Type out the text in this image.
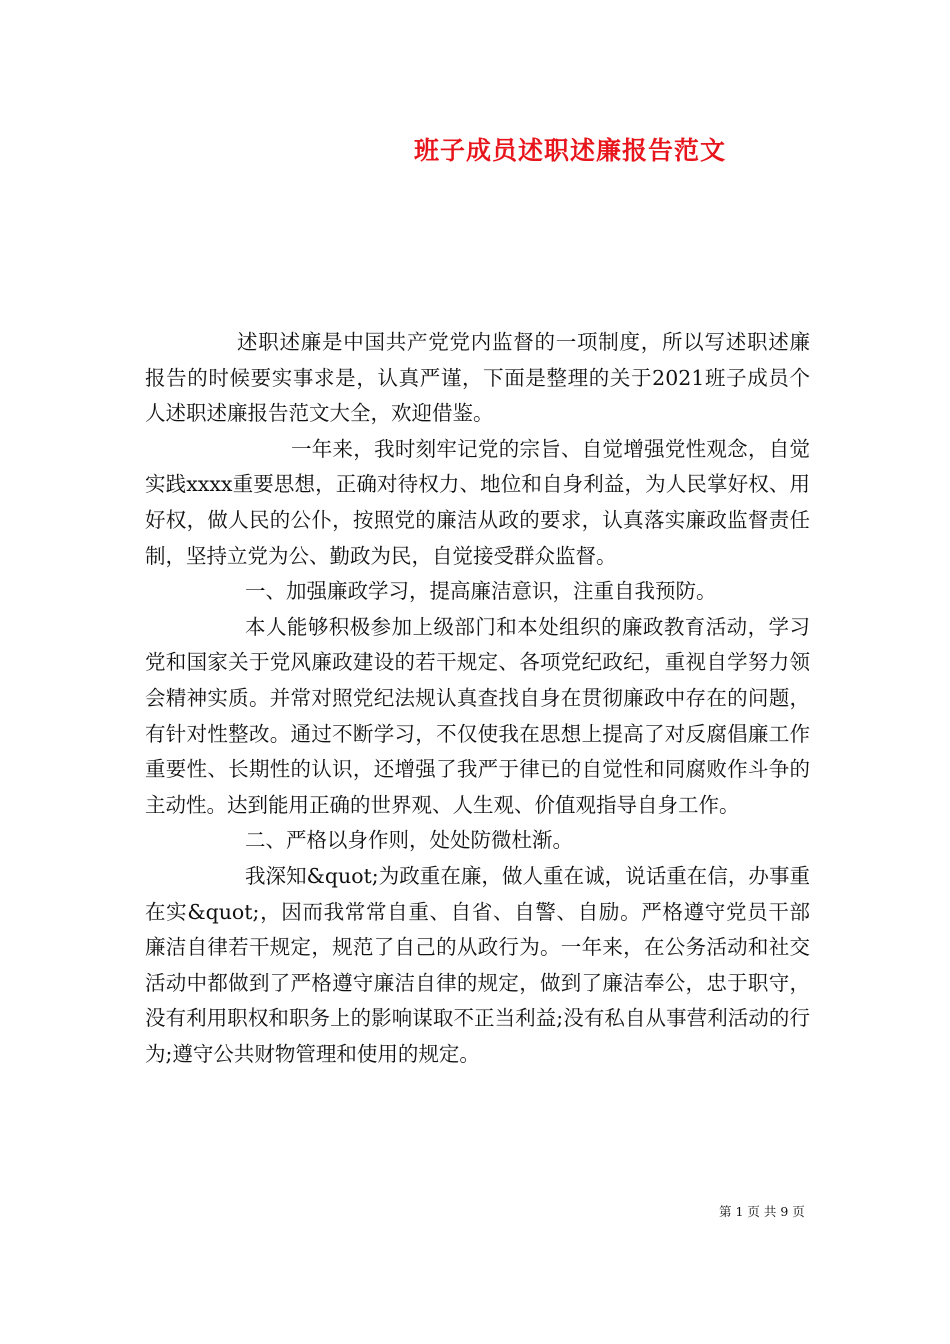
班子成员述职述廉报告范文

述职述廉是中国共产党党内监督的一项制度，所以写述职述廉报告的时候要实事求是，认真严谨，下面是整理的关于2021班子成员个人述职述廉报告范文大全，欢迎借鉴。

一年来，我时刻牢记党的宗旨、自觉增强党性观念，自觉实践xxxx重要思想，正确对待权力、地位和自身利益，为人民掌好权、用好权，做人民的公仆，按照党的廉洁从政的要求，认真落实廉政监督责任制，坚持立党为公、勤政为民，自觉接受群众监督。

一、加强廉政学习，提高廉洁意识，注重自我预防。

本人能够积极参加上级部门和本处组织的廉政教育活动，学习党和国家关于党风廉政建设的若干规定、各项党纪政纪，重视自学努力领会精神实质。并常对照党纪法规认真查找自身在贯彻廉政中存在的问题，有针对性整改。通过不断学习，不仅使我在思想上提高了对反腐倡廉工作重要性、长期性的认识，还增强了我严于律已的自觉性和同腐败作斗争的主动性。达到能用正确的世界观、人生观、价值观指导自身工作。

二、严格以身作则，处处防微杜渐。

我深知&quot;为政重在廉，做人重在诚，说话重在信，办事重在实&quot;，因而我常常自重、自省、自警、自励。严格遵守党员干部廉洁自律若干规定，规范了自己的从政行为。一年来，在公务活动和社交活动中都做到了严格遵守廉洁自律的规定，做到了廉洁奉公，忠于职守，没有利用职权和职务上的影响谋取不正当利益;没有私自从事营利活动的行为;遵守公共财物管理和使用的规定。

第 1 页 共 9 页
